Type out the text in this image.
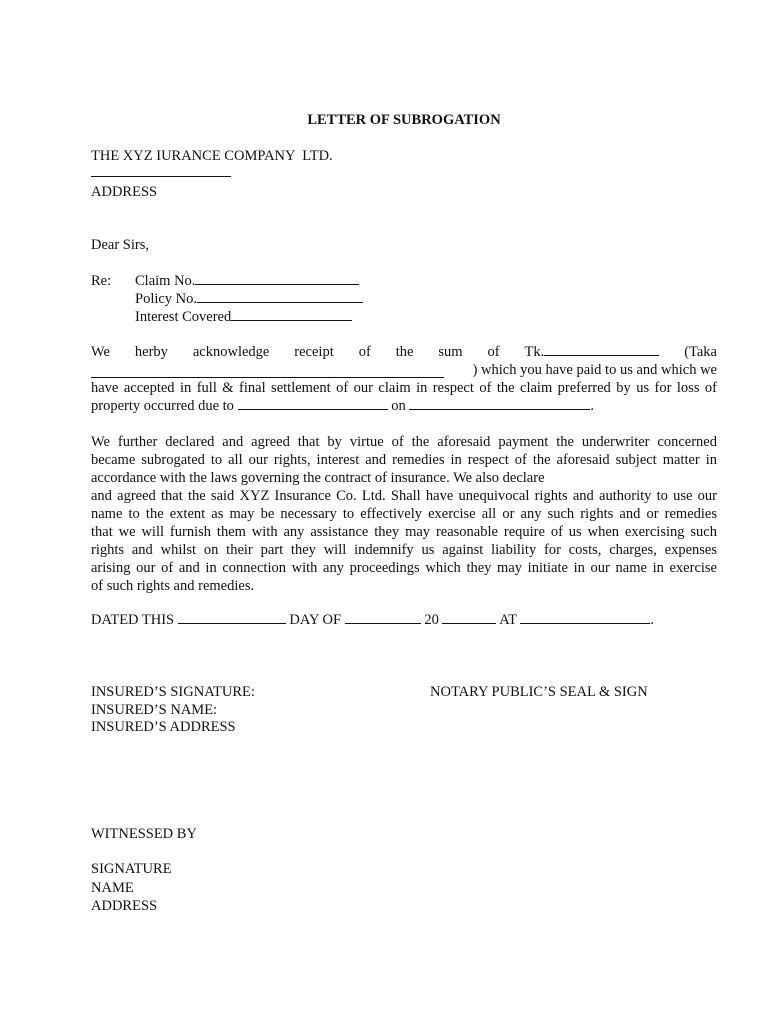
LETTER OF SUBROGATION
THE XYZ IURANCE COMPANY  LTD.
ADDRESS
Dear Sirs,
Re: Claim No.
Policy No.
Interest Covered
We herby acknowledge receipt of the sum of Tk.	(Taka
) which you have paid to us and which we
have accepted in full & final settlement of our claim in respect of the claim preferred by us for loss of
property occurred due to	on	.
We further declared and agreed that by virtue of the aforesaid payment the underwriter concerned
became subrogated to all our rights, interest and remedies in respect of the aforesaid subject matter in
accordance with the laws governing the contract of insurance. We also declare
and agreed that the said XYZ Insurance Co. Ltd. Shall have unequivocal rights and authority to use our
name to the extent as may be necessary to effectively exercise all or any such rights and or remedies
that we will furnish them with any assistance they may reasonable require of us when exercising such
rights and whilst on their part they will indemnify us against liability for costs, charges, expenses
arising our of and in connection with any proceedings which they may initiate in our name in exercise
of such rights and remedies.
DATED THIS	DAY OF	20	AT	.
INSURED’S SIGNATURE:	NOTARY PUBLIC’S SEAL & SIGN
INSURED’S NAME:
INSURED’S ADDRESS
WITNESSED BY
SIGNATURE
NAME
ADDRESS
